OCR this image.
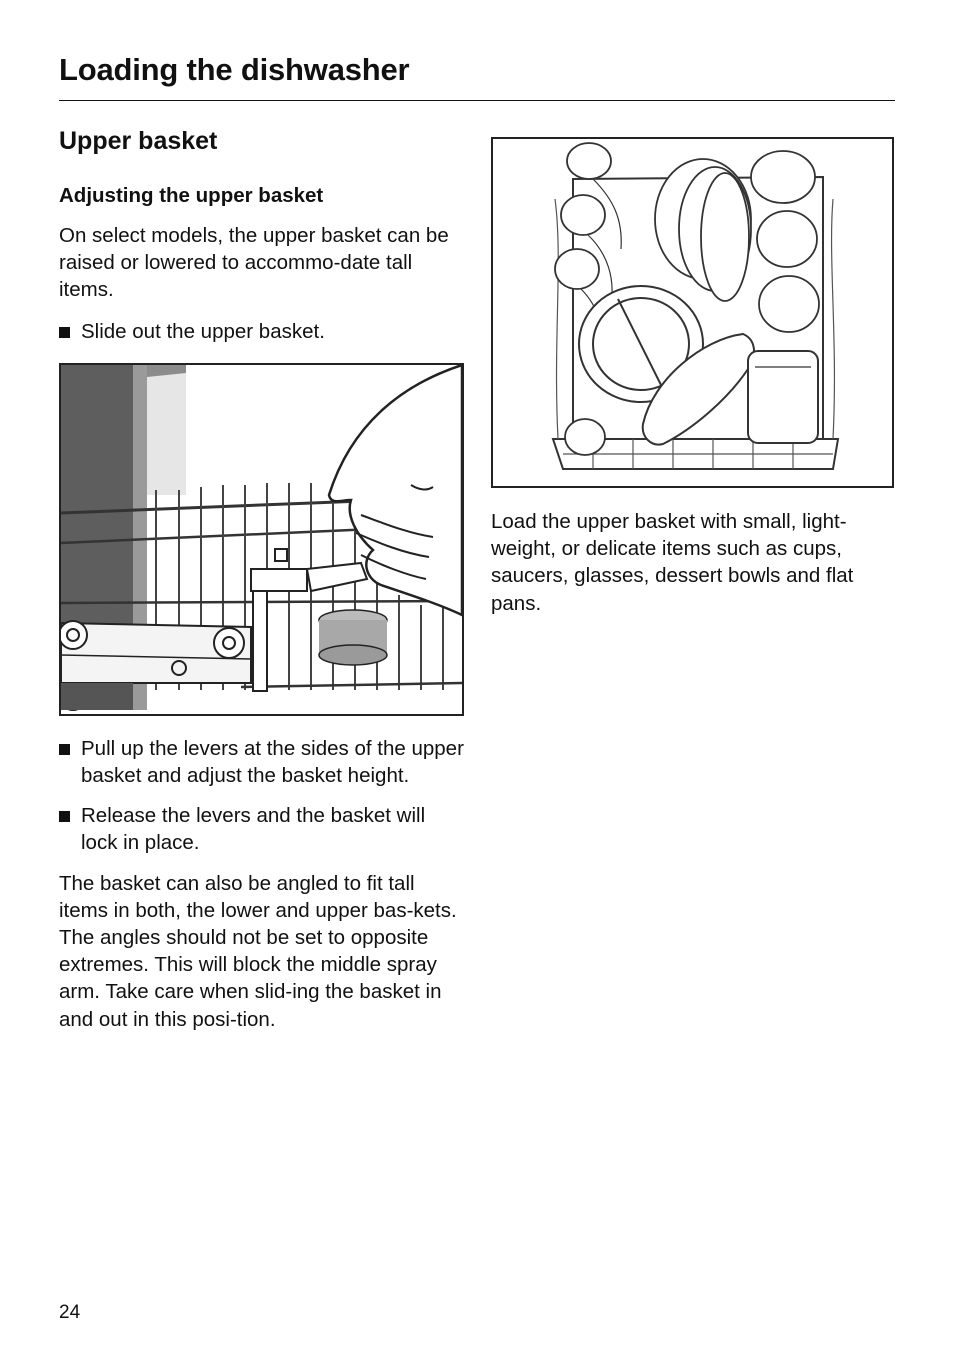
Loading the dishwasher
Upper basket
Adjusting the upper basket

On select models, the upper basket can be raised or lowered to accommo-date tall items.

Slide out the upper basket.
Pull up the levers at the sides of the upper basket and adjust the basket height.
Release the levers and the basket will lock in place.

The basket can also be angled to fit tall items in both, the lower and upper bas-kets. The angles should not be set to opposite extremes. This will block the middle spray arm. Take care when slid-ing the basket in and out in this posi-tion.

Load the upper basket with small, light-weight, or delicate items such as cups, saucers, glasses, dessert bowls and flat pans.

24
